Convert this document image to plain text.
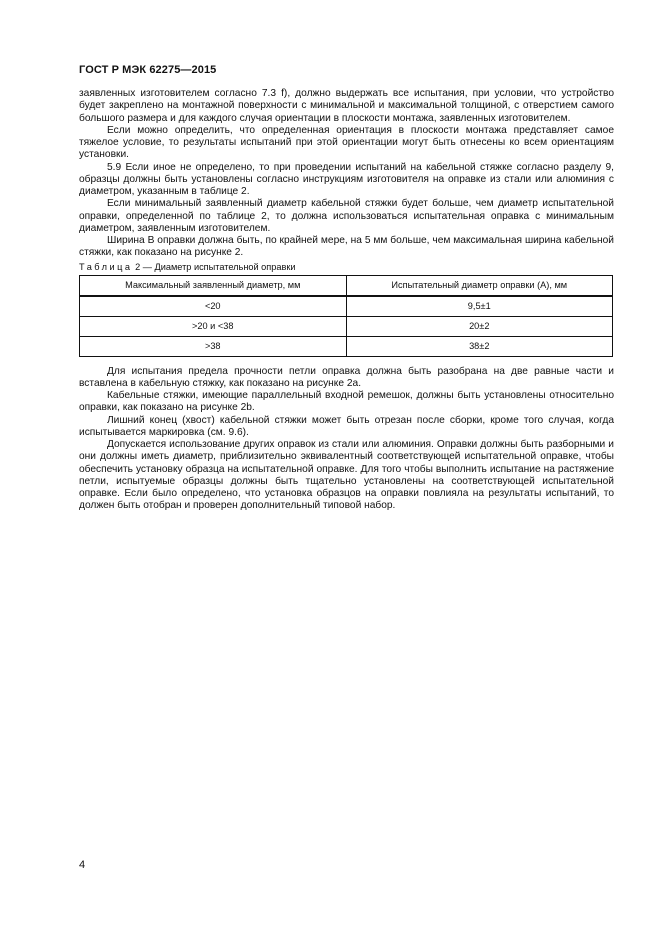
ГОСТ Р МЭК 62275—2015

заявленных изготовителем согласно 7.3 f), должно выдержать все испытания, при условии, что устройство будет закреплено на монтажной поверхности с минимальной и максимальной толщиной, с отверстием самого большого размера и для каждого случая ориентации в плоскости монтажа, заявленных изготовителем.

Если можно определить, что определенная ориентация в плоскости монтажа представляет самое тяжелое условие, то результаты испытаний при этой ориентации могут быть отнесены ко всем ориентациям установки.

5.9 Если иное не определено, то при проведении испытаний на кабельной стяжке согласно разделу 9, образцы должны быть установлены согласно инструкциям изготовителя на оправке из стали или алюминия с диаметром, указанным в таблице 2.

Если минимальный заявленный диаметр кабельной стяжки будет больше, чем диаметр испытательной оправки, определенной по таблице 2, то должна использоваться испытательная оправка с минимальным диаметром, заявленным изготовителем.

Ширина B оправки должна быть, по крайней мере, на 5 мм больше, чем максимальная ширина кабельной стяжки, как показано на рисунке 2.

Таблица 2 — Диаметр испытательной оправки
Максимальный заявленный диаметр, мм	Испытательный диаметр оправки (А), мм
<20	9,5±1
>20 и <38	20±2
>38	38±2

Для испытания предела прочности петли оправка должна быть разобрана на две равные части и вставлена в кабельную стяжку, как показано на рисунке 2а.

Кабельные стяжки, имеющие параллельный входной ремешок, должны быть установлены относительно оправки, как показано на рисунке 2b.

Лишний конец (хвост) кабельной стяжки может быть отрезан после сборки, кроме того случая, когда испытывается маркировка (см. 9.6).

Допускается использование других оправок из стали или алюминия. Оправки должны быть разборными и они должны иметь диаметр, приблизительно эквивалентный соответствующей испытательной оправке, чтобы обеспечить установку образца на испытательной оправке. Для того чтобы выполнить испытание на растяжение петли, испытуемые образцы должны быть тщательно установлены на соответствующей испытательной оправке. Если было определено, что установка образцов на оправки повлияла на результаты испытаний, то должен быть отобран и проверен дополнительный типовой набор.

4
